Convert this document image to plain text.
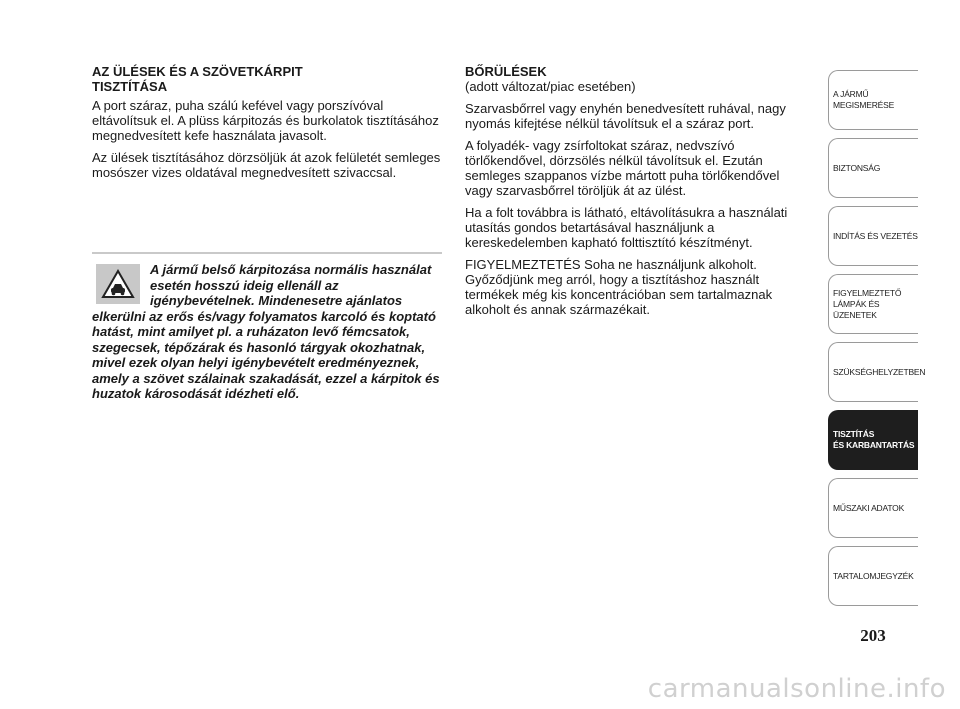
AZ ÜLÉSEK ÉS A SZÖVETKÁRPIT
TISZTÍTÁSA

A port száraz, puha szálú kefével vagy porszívóval eltávolítsuk el. A plüss kárpitozás és burkolatok tisztításához megnedvesített kefe használata javasolt.

Az ülések tisztításához dörzsöljük át azok felületét semleges mosószer vizes oldatával megnedvesített szivaccsal.

A jármű belső kárpitozása normális használat esetén hosszú ideig ellenáll az igénybevételnek. Mindenesetre ajánlatos elkerülni az erős és/vagy folyamatos karcoló és koptató hatást, mint amilyet pl. a ruházaton levő fémcsatok, szegecsek, tépőzárak és hasonló tárgyak okozhatnak, mivel ezek olyan helyi igénybevételt eredményeznek, amely a szövet szálainak szakadását, ezzel a kárpitok és huzatok károsodását idézheti elő.
BŐRÜLÉSEK

(adott változat/piac esetében)

Szarvasbőrrel vagy enyhén benedvesített ruhával, nagy nyomás kifejtése nélkül távolítsuk el a száraz port.

A folyadék- vagy zsírfoltokat száraz, nedvszívó törlőkendővel, dörzsölés nélkül távolítsuk el. Ezután semleges szappanos vízbe mártott puha törlőkendővel vagy szarvasbőrrel töröljük át az ülést.

Ha a folt továbbra is látható, eltávolításukra a használati utasítás gondos betartásával használjunk a kereskedelemben kapható folttisztító készítményt.

FIGYELMEZTETÉS Soha ne használjunk alkoholt. Győződjünk meg arról, hogy a tisztításhoz használt termékek még kis koncentrációban sem tartalmaznak alkoholt és annak származékait.

A JÁRMŰ
MEGISMERÉSE
BIZTONSÁG
INDÍTÁS ÉS VEZETÉS
FIGYELMEZTETŐ
LÁMPÁK ÉS ÜZENETEK
SZÜKSÉGHELYZETBEN
TISZTÍTÁS
ÉS KARBANTARTÁS
MŰSZAKI ADATOK
TARTALOMJEGYZÉK
203
carmanualsonline.info
